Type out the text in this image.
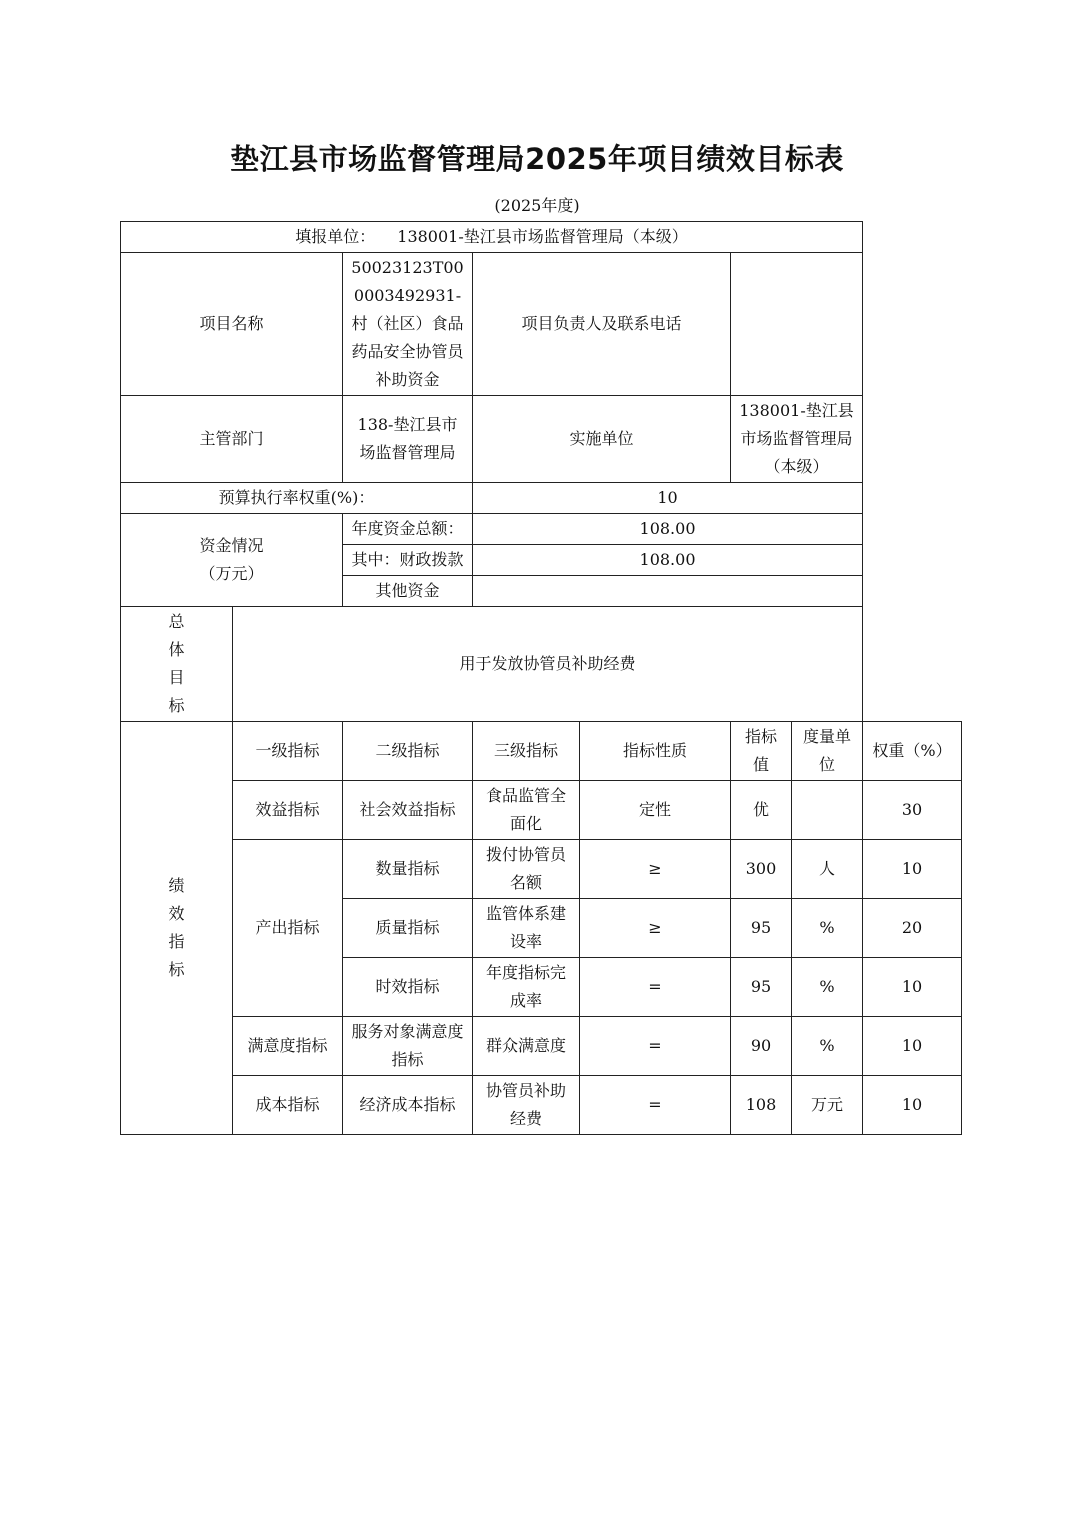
垫江县市场监督管理局2025年项目绩效目标表
(2025年度)
填报单位： 138001-垫江县市场监督管理局（本级）							
项目名称		50023123T000003492931-村（社区）食品药品安全协管员补助资金	项目负责人及联系电话				
主管部门		138-垫江县市场监督管理局	实施单位		138001-垫江县市场监督管理局（本级）		
预算执行率权重(%)：			10				
资金情况
（万元）		年度资金总额：	108.00				
		其中：财政拨款	108.00				
		其他资金					
总体目标	用于发放协管员补助经费						
绩效指标	一级指标	二级指标	三级指标	指标性质	指标值	度量单位	权重（%）
	效益指标	社会效益指标	食品监管全面化	定性	优		30
	产出指标	数量指标	拨付协管员名额	≥	300	人	10
		质量指标	监管体系建设率	≥	95	%	20
		时效指标	年度指标完成率	=	95	%	10
	满意度指标	服务对象满意度指标	群众满意度	=	90	%	10
	成本指标	经济成本指标	协管员补助经费	=	108	万元	10
